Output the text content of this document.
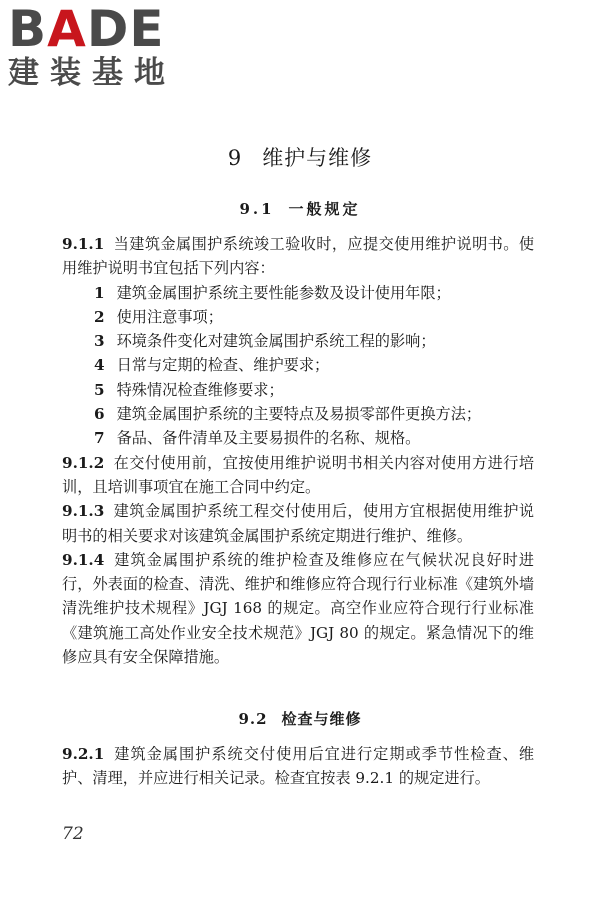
BADE
建装基地
9 维护与维修
9.1 一般规定

9.1.1 当建筑金属围护系统竣工验收时，应提交使用维护说明书。使用维护说明书宜包括下列内容：

1 建筑金属围护系统主要性能参数及设计使用年限；

2 使用注意事项；

3 环境条件变化对建筑金属围护系统工程的影响；

4 日常与定期的检查、维护要求；

5 特殊情况检查维修要求；

6 建筑金属围护系统的主要特点及易损零部件更换方法；

7 备品、备件清单及主要易损件的名称、规格。

9.1.2 在交付使用前，宜按使用维护说明书相关内容对使用方进行培训，且培训事项宜在施工合同中约定。

9.1.3 建筑金属围护系统工程交付使用后，使用方宜根据使用维护说明书的相关要求对该建筑金属围护系统定期进行维护、维修。

9.1.4 建筑金属围护系统的维护检查及维修应在气候状况良好时进行，外表面的检查、清洗、维护和维修应符合现行行业标准《建筑外墙清洗维护技术规程》JGJ 168 的规定。高空作业应符合现行行业标准《建筑施工高处作业安全技术规范》JGJ 80 的规定。紧急情况下的维修应具有安全保障措施。

9.2 检查与维修

9.2.1 建筑金属围护系统交付使用后宜进行定期或季节性检查、维护、清理，并应进行相关记录。检查宜按表 9.2.1 的规定进行。

72
